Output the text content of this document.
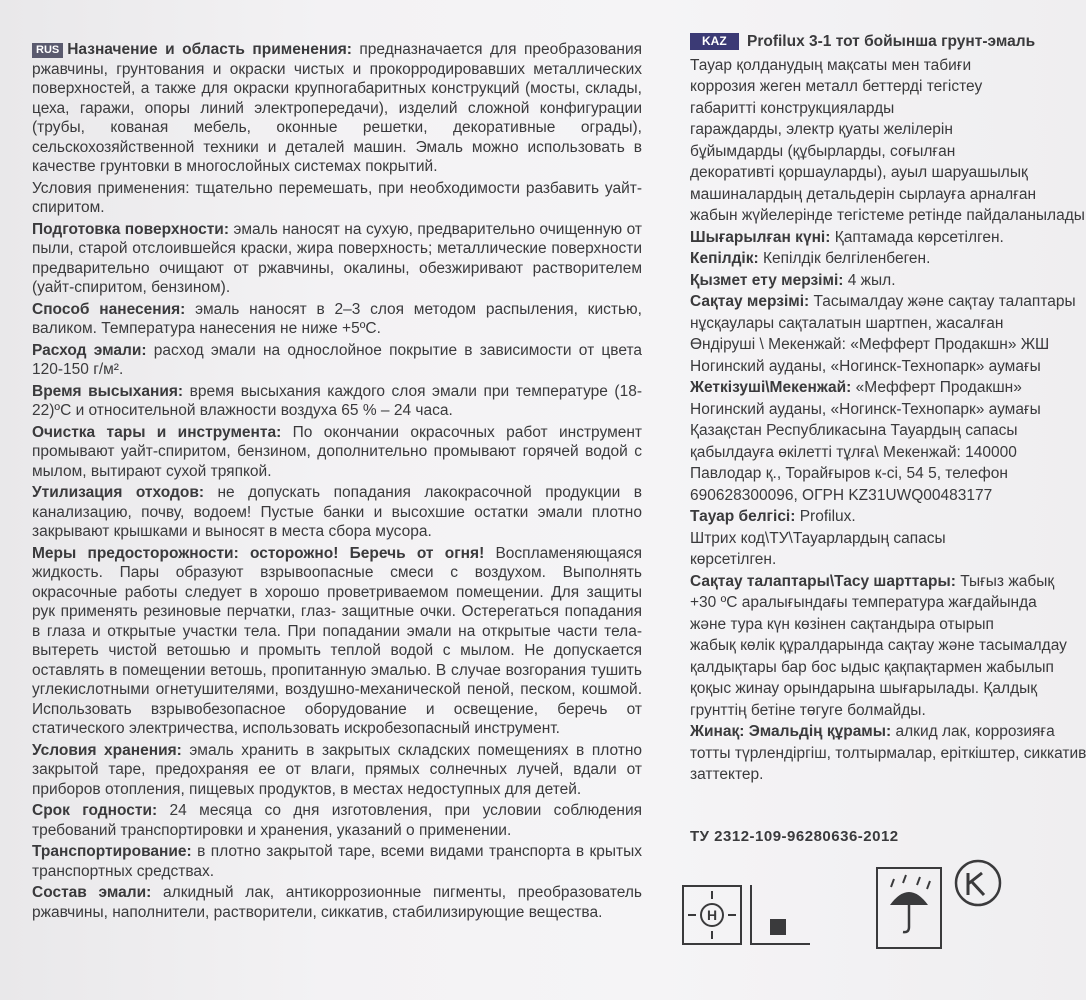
RUS Назначение и область применения: предназначается для преобразования ржавчины, грунтования и окраски чистых и прокорродировавших металлических поверхностей, а также для окраски крупногабаритных конструкций (мосты, склады, цеха, гаражи, опоры линий электропередачи), изделий сложной конфигурации (трубы, кованая мебель, оконные решетки, декоративные ограды), сельскохозяйственной техники и деталей машин. Эмаль можно использовать в качестве грунтовки в многослойных системах покрытий.

Условия применения: тщательно перемешать, при необходимости разбавить уайт-спиритом.

Подготовка поверхности: эмаль наносят на сухую, предварительно очищенную от пыли, старой отслоившейся краски, жира поверхность; металлические поверхности предварительно очищают от ржавчины, окалины, обезжиривают растворителем (уайт-спиритом, бензином).

Способ нанесения: эмаль наносят в 2–3 слоя методом распыления, кистью, валиком. Температура нанесения не ниже +5ºC.

Расход эмали: расход эмали на однослойное покрытие в зависимости от цвета 120-150 г/м².

Время высыхания: время высыхания каждого слоя эмали при температуре (18-22)ºC и относительной влажности воздуха 65 % – 24 часа.

Очистка тары и инструмента: По окончании окрасочных работ инструмент промывают уайт-спиритом, бензином, дополнительно промывают горячей водой с мылом, вытирают сухой тряпкой.

Утилизация отходов: не допускать попадания лакокрасочной продукции в канализацию, почву, водоем! Пустые банки и высохшие остатки эмали плотно закрывают крышками и выносят в места сбора мусора.

Меры предосторожности: осторожно! Беречь от огня! Воспламеняющаяся жидкость. Пары образуют взрывоопасные смеси с воздухом. Выполнять окрасочные работы следует в хорошо проветриваемом помещении. Для защиты рук применять резиновые перчатки, глаз- защитные очки. Остерегаться попадания в глаза и открытые участки тела. При попадании эмали на открытые части тела- вытереть чистой ветошью и промыть теплой водой с мылом. Не допускается оставлять в помещении ветошь, пропитанную эмалью. В случае возгорания тушить углекислотными огнетушителями, воздушно-механической пеной, песком, кошмой. Использовать взрывобезопасное оборудование и освещение, беречь от статического электричества, использовать искробезопасный инструмент.

Условия хранения: эмаль хранить в закрытых складских помещениях в плотно закрытой таре, предохраняя ее от влаги, прямых солнечных лучей, вдали от приборов отопления, пищевых продуктов, в местах недоступных для детей.

Срок годности: 24 месяца со дня изготовления, при условии соблюдения требований транспортировки и хранения, указаний о применении.

Транспортирование: в плотно закрытой таре, всеми видами транспорта в крытых транспортных средствах.

Состав эмали: алкидный лак, антикоррозионные пигменты, преобразователь ржавчины, наполнители, растворители, сиккатив, стабилизирующие вещества.

KAZ Profilux 3-1 тот бойынша грунт-эмаль
Тауар қолданудың мақсаты мен табиғи
коррозия жеген металл беттерді тегістеу
габаритті конструкцияларды
гараждарды, электр қуаты желілерін
бұйымдарды (құбырларды, соғылған
декоративті қоршауларды), ауыл шаруашылық
машиналардың детальдерін сырлауға арналған
жабын жүйелерінде тегістеме ретінде пайдаланылады
Шығарылған күні: Қаптамада көрсетілген.
Кепілдік: Кепілдік белгіленбеген.
Қызмет ету мерзімі: 4 жыл.
Сақтау мерзімі: Тасымалдау және сақтау талаптары
нұсқаулары сақталатын шартпен, жасалған
Өндіруші \ Мекенжай: «Мефферт Продакшн» ЖШ
Ногинский ауданы, «Ногинск-Технопарк» аумағы
Жеткізуші\Мекенжай: «Мефферт Продакшн»
Ногинский ауданы, «Ногинск-Технопарк» аумағы
Қазақстан Республикасына Тауардың сапасы
қабылдауға өкілетті тұлға\ Мекенжай: 140000
Павлодар қ., Торайғыров к-сі, 54 5, телефон
690628300096, ОГРН KZ31UWQ00483177
Тауар белгісі: Profilux.
Штрих код\ТУ\Тауарлардың сапасы
көрсетілген.
Сақтау талаптары\Тасу шарттары: Тығыз жабық
+30 ºC аралығындағы температура жағдайында
және тура күн көзінен сақтандыра отырып
жабық көлік құралдарында сақтау және тасымалдау
қалдықтары бар бос ыдыс қақпақтармен жабылып
қоқыс жинау орындарына шығарылады. Қалдық
грунттің бетіне төгуге болмайды.
Жинақ: Эмальдің құрамы: алкид лак, коррозияға
тотты түрлендіргіш, толтырмалар, еріткіштер, сиккатив
заттектер.
ТУ 2312-109-96280636-2012
H
